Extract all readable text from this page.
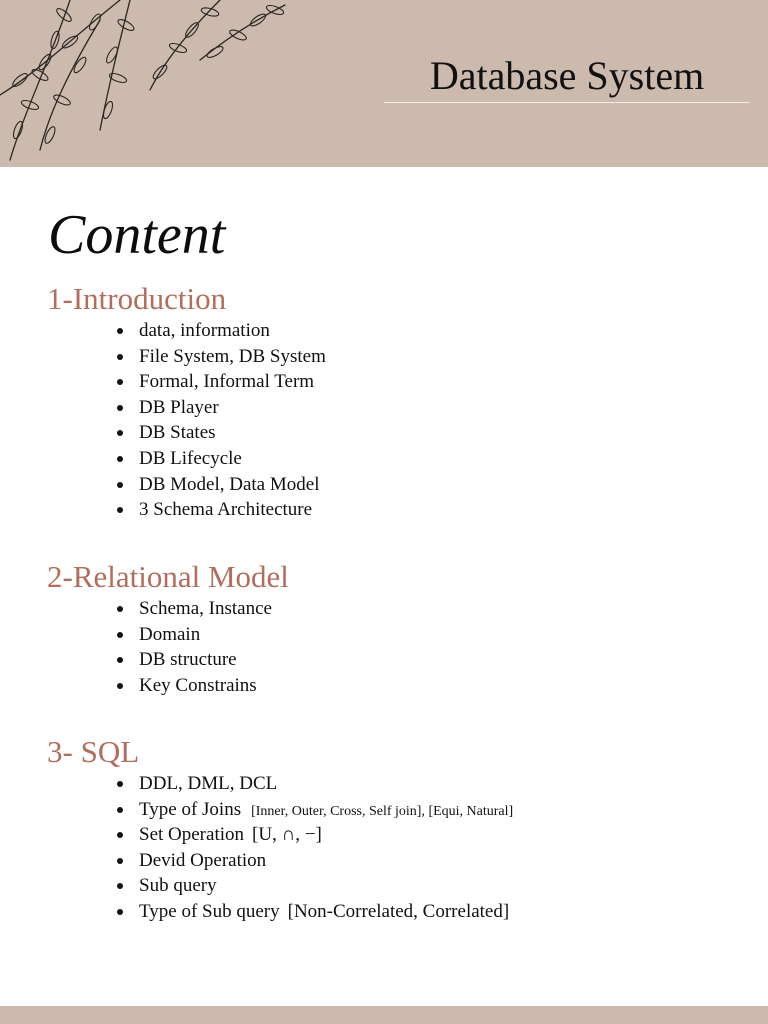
Database System
Content
1-Introduction
data, information
File System, DB System
Formal, Informal Term
DB Player
DB States
DB Lifecycle
DB Model, Data Model
3 Schema Architecture
2-Relational Model
Schema, Instance
Domain
DB structure
Key Constrains
3- SQL
DDL, DML, DCL
Type of Joins [Inner, Outer, Cross, Self join], [Equi, Natural]
Set Operation [U, ∩, −]
Devid Operation
Sub query
Type of Sub query [Non-Correlated, Correlated]
